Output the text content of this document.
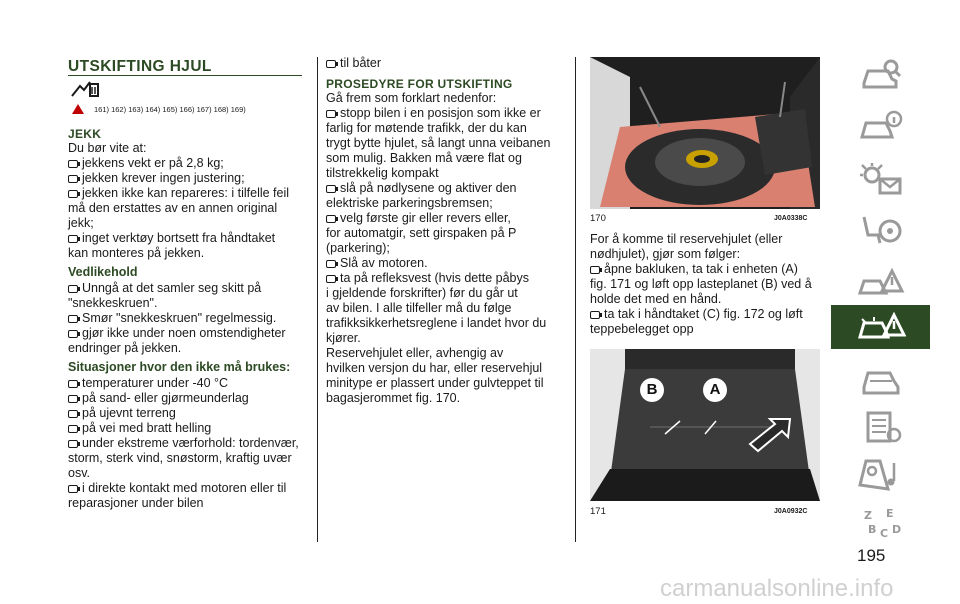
UTSKIFTING HJUL
161) 162) 163) 164) 165) 166) 167) 168) 169)

JEKK

Du bør vite at:

jekkens vekt er på 2,8 kg;

jekken krever ingen justering;

jekken ikke kan repareres: i tilfelle feil

må den erstattes av en annen original

jekk;

inget verktøy bortsett fra håndtaket

kan monteres på jekken.

Vedlikehold

Unngå at det samler seg skitt på

"snekkeskruen".

Smør "snekkeskruen" regelmessig.

gjør ikke under noen omstendigheter

endringer på jekken.

Situasjoner hvor den ikke må brukes:

temperaturer under -40 °C

på sand- eller gjørmeunderlag

på ujevnt terreng

på vei med bratt helling

under ekstreme værforhold: tordenvær,

storm, sterk vind, snøstorm, kraftig uvær

osv.

i direkte kontakt med motoren eller til

reparasjoner under bilen

til båter

PROSEDYRE FOR UTSKIFTING

Gå frem som forklart nedenfor:

stopp bilen i en posisjon som ikke er

farlig for møtende trafikk, der du kan

trygt bytte hjulet, så langt unna veibanen

som mulig. Bakken må være flat og

tilstrekkelig kompakt

slå på nødlysene og aktiver den

elektriske parkeringsbremsen;

velg første gir eller revers eller,

for automatgir, sett girspaken på P

(parkering);

Slå av motoren.

ta på refleksvest (hvis dette påbys

i gjeldende forskrifter) før du går ut

av bilen. I alle tilfeller må du følge

trafikksikkerhetsreglene i landet hvor du

kjører.

Reservehjulet eller, avhengig av

hvilken versjon du har, eller reservehjul

minitype er plassert under gulvteppet til

bagasjerommet fig. 170.

170	J0A0338C

For å komme til reservehjulet (eller

nødhjulet), gjør som følger:

åpne bakluken, ta tak i enheten (A)

fig. 171 og løft opp lasteplanet (B) ved å

holde det med en hånd.

ta tak i håndtaket (C) fig. 172 og løft

teppebelegget opp

B	A
171	J0A0932C	Z E
B C D
195
carmanualsonline.info
